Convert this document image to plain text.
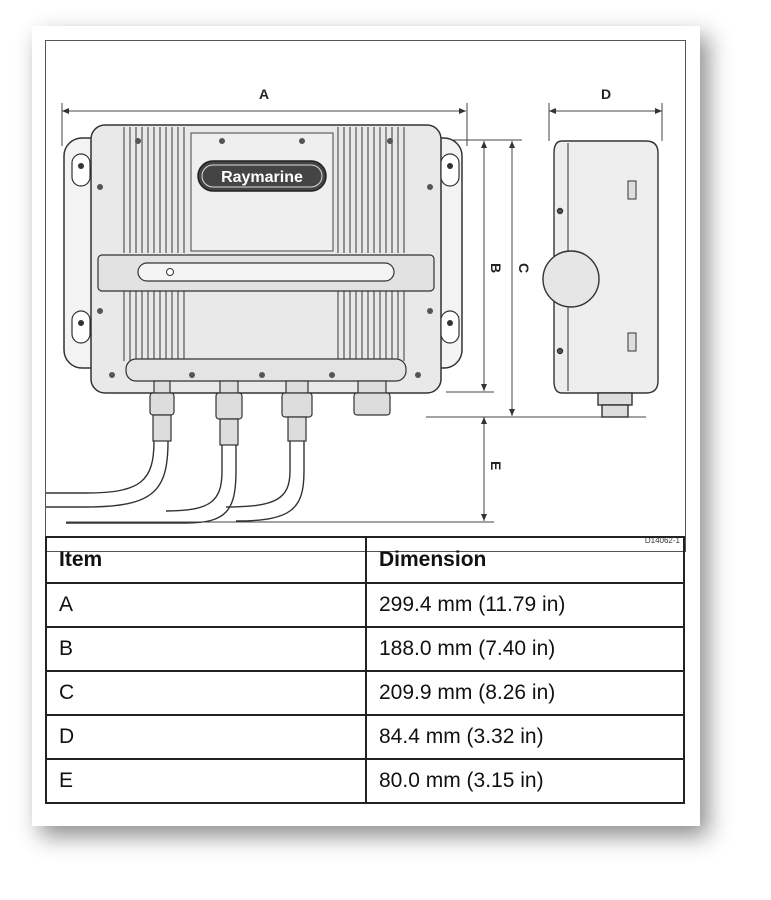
A	D
B C
E
Raymarine
D14062-1
Item	Dimension
A	299.4 mm (11.79 in)
B	188.0 mm (7.40 in)
C	209.9 mm (8.26 in)
D	84.4 mm (3.32 in)
E	80.0 mm (3.15 in)
